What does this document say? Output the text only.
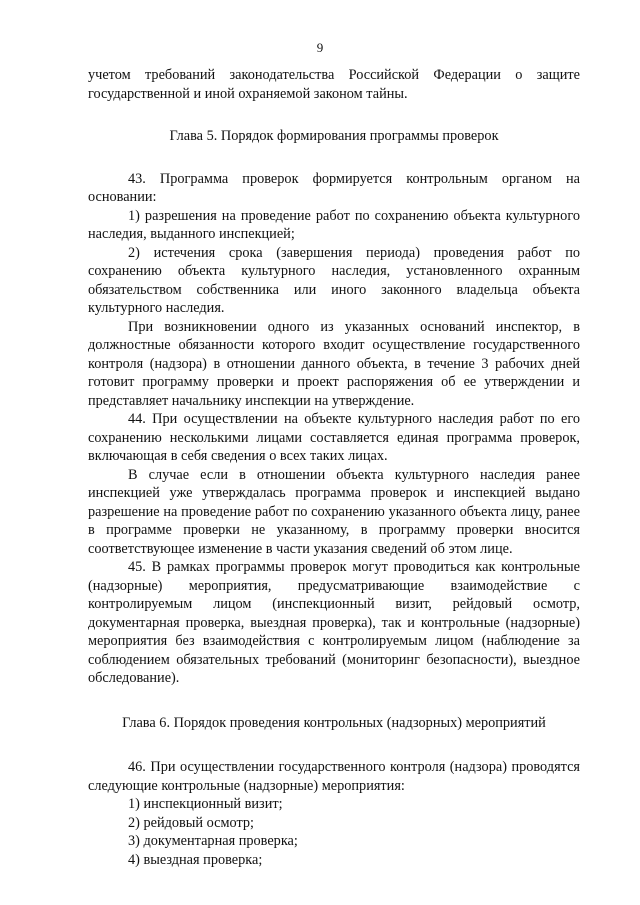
9

учетом требований законодательства Российской Федерации о защите государственной и иной охраняемой законом тайны.

Глава 5. Порядок формирования программы проверок

43. Программа проверок формируется контрольным органом на основании:

1) разрешения на проведение работ по сохранению объекта культурного наследия, выданного инспекцией;

2) истечения срока (завершения периода) проведения работ по сохранению объекта культурного наследия, установленного охранным обязательством собственника или иного законного владельца объекта культурного наследия.

При возникновении одного из указанных оснований инспектор, в должностные обязанности которого входит осуществление государственного контроля (надзора) в отношении данного объекта, в течение 3 рабочих дней готовит программу проверки и проект распоряжения об ее утверждении и представляет начальнику инспекции на утверждение.

44. При осуществлении на объекте культурного наследия работ по его сохранению несколькими лицами составляется единая программа проверок, включающая в себя сведения о всех таких лицах.

В случае если в отношении объекта культурного наследия ранее инспекцией уже утверждалась программа проверок и инспекцией выдано разрешение на проведение работ по сохранению указанного объекта лицу, ранее в программе проверки не указанному, в программу проверки вносится соответствующее изменение в части указания сведений об этом лице.

45. В рамках программы проверок могут проводиться как контрольные (надзорные) мероприятия, предусматривающие взаимодействие с контролируемым лицом (инспекционный визит, рейдовый осмотр, документарная проверка, выездная проверка), так и контрольные (надзорные) мероприятия без взаимодействия с контролируемым лицом (наблюдение за соблюдением обязательных требований (мониторинг безопасности), выездное обследование).

Глава 6. Порядок проведения контрольных (надзорных) мероприятий

46. При осуществлении государственного контроля (надзора) проводятся следующие контрольные (надзорные) мероприятия:

1) инспекционный визит;

2) рейдовый осмотр;

3) документарная проверка;

4) выездная проверка;
